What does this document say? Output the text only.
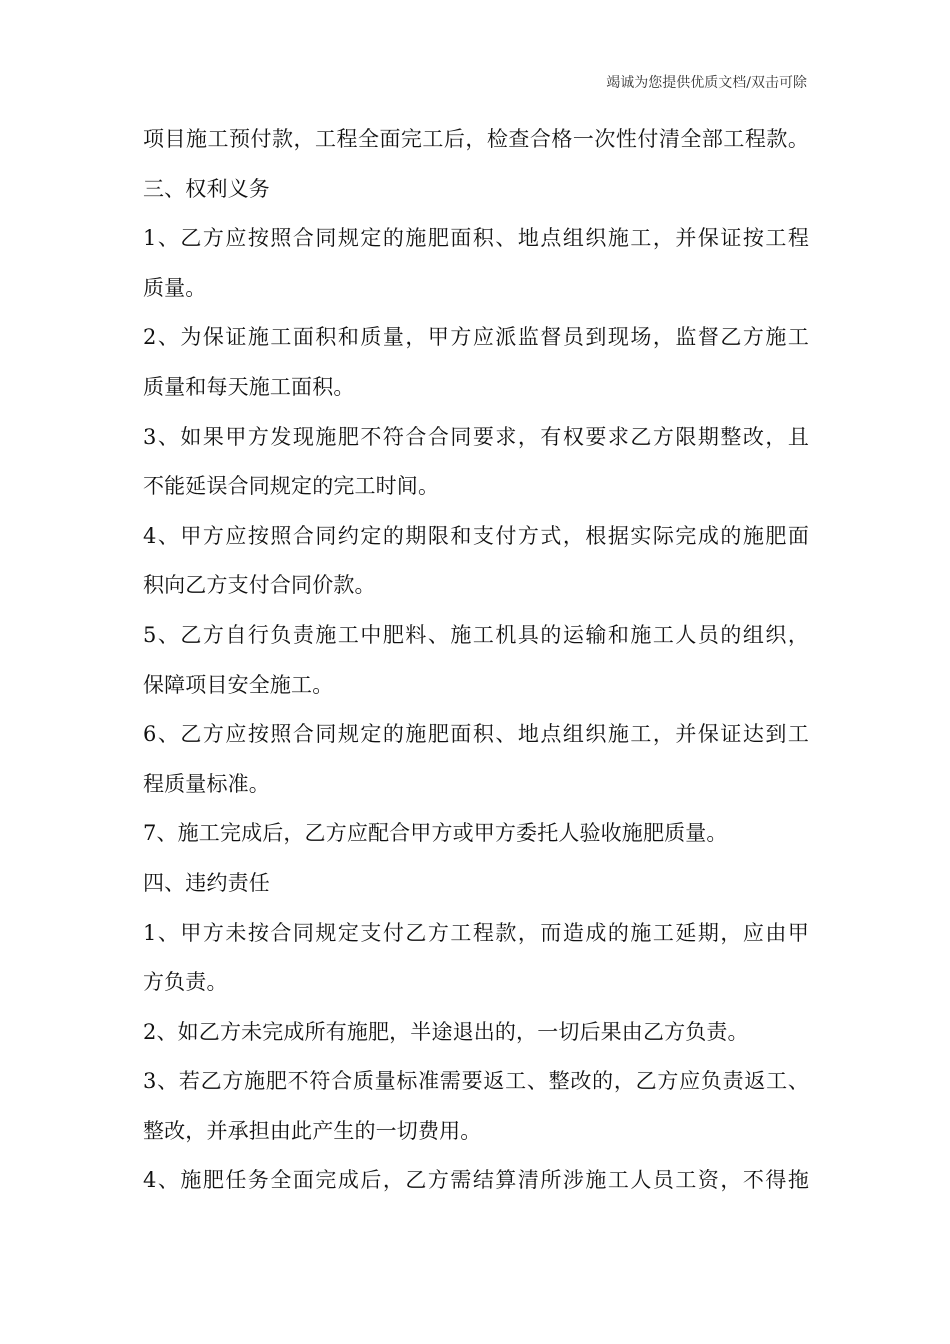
竭诚为您提供优质文档/双击可除
项目施工预付款，工程全面完工后，检查合格一次性付清全部工程款。
三、权利义务
1、乙方应按照合同规定的施肥面积、地点组织施工，并保证按工程
质量。
2、为保证施工面积和质量，甲方应派监督员到现场，监督乙方施工
质量和每天施工面积。
3、如果甲方发现施肥不符合合同要求，有权要求乙方限期整改，且
不能延误合同规定的完工时间。
4、甲方应按照合同约定的期限和支付方式，根据实际完成的施肥面
积向乙方支付合同价款。
5、乙方自行负责施工中肥料、施工机具的运输和施工人员的组织，
保障项目安全施工。
6、乙方应按照合同规定的施肥面积、地点组织施工，并保证达到工
程质量标准。
7、施工完成后，乙方应配合甲方或甲方委托人验收施肥质量。
四、违约责任
1、甲方未按合同规定支付乙方工程款，而造成的施工延期，应由甲
方负责。
2、如乙方未完成所有施肥，半途退出的，一切后果由乙方负责。
3、若乙方施肥不符合质量标准需要返工、整改的，乙方应负责返工、
整改，并承担由此产生的一切费用。
4、施肥任务全面完成后，乙方需结算清所涉施工人员工资，不得拖
